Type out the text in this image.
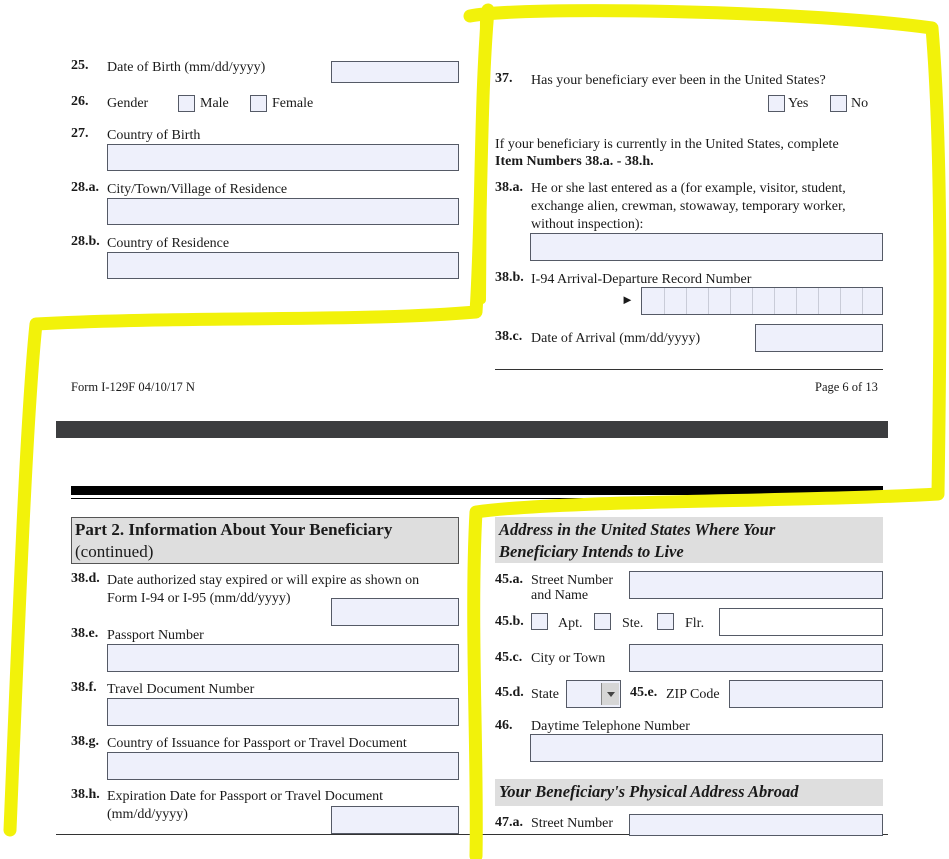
25. Date of Birth (mm/dd/yyyy)
26. Gender	Male	Female
27. Country of Birth
28.a. City/Town/Village of Residence
28.b. Country of Residence
37. Has your beneficiary ever been in the United States?
Yes	No
If your beneficiary is currently in the United States, complete
Item Numbers 38.a. - 38.h.
38.a. He or she last entered as a (for example, visitor, student,
exchange alien, crewman, stowaway, temporary worker,
without inspection):
38.b. I-94 Arrival-Departure Record Number
►
38.c. Date of Arrival (mm/dd/yyyy)
Form I-129F 04/10/17 N	Page 6 of 13
Part 2. Information About Your Beneficiary
(continued)
38.d. Date authorized stay expired or will expire as shown on
Form I-94 or I-95 (mm/dd/yyyy)
38.e. Passport Number
38.f. Travel Document Number
38.g. Country of Issuance for Passport or Travel Document
38.h. Expiration Date for Passport or Travel Document
(mm/dd/yyyy)
Address in the United States Where Your
Beneficiary Intends to Live
45.a. Street Number
and Name
45.b. Apt.	Ste.	Flr.
45.c. City or Town
45.d. State	45.e. ZIP Code
46. Daytime Telephone Number
Your Beneficiary's Physical Address Abroad
47.a. Street Number
